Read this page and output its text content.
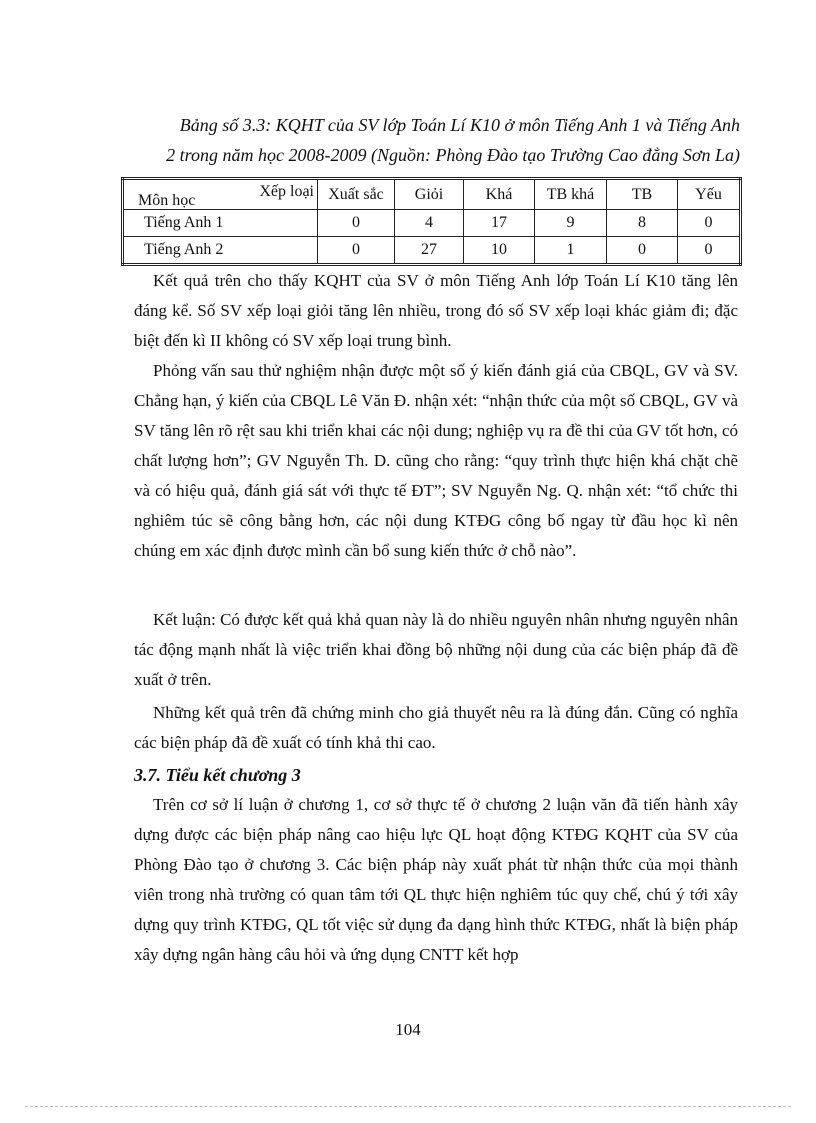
Bảng số 3.3: KQHT của SV lớp Toán Lí K10 ở môn Tiếng Anh 1 và Tiếng Anh
2 trong năm học 2008-2009 (Nguồn: Phòng Đào tạo Trường Cao đẳng Sơn La)
Xếp loại
Môn học	Xuất sắc	Giỏi	Khá	TB khá	TB	Yếu
Tiếng Anh 1	0	4	17	9	8	0
Tiếng Anh 2	0	27	10	1	0	0

Kết quả trên cho thấy KQHT của SV ở môn Tiếng Anh lớp Toán Lí K10 tăng lên đáng kể. Số SV xếp loại giỏi tăng lên nhiều, trong đó số SV xếp loại khác giảm đi; đặc biệt đến kì II không có SV xếp loại trung bình.

Phỏng vấn sau thử nghiệm nhận được một số ý kiến đánh giá của CBQL, GV và SV. Chẳng hạn, ý kiến của CBQL Lê Văn Đ. nhận xét: “nhận thức của một số CBQL, GV và SV tăng lên rõ rệt sau khi triển khai các nội dung; nghiệp vụ ra đề thi của GV tốt hơn, có chất lượng hơn”; GV Nguyễn Th. D. cũng cho rằng: “quy trình thực hiện khá chặt chẽ và có hiệu quả, đánh giá sát với thực tế ĐT”; SV Nguyễn Ng. Q. nhận xét: “tổ chức thi nghiêm túc sẽ công bằng hơn, các nội dung KTĐG công bố ngay từ đầu học kì nên chúng em xác định được mình cần bổ sung kiến thức ở chỗ nào”.

Kết luận: Có được kết quả khả quan này là do nhiều nguyên nhân nhưng nguyên nhân tác động mạnh nhất là việc triển khai đồng bộ những nội dung của các biện pháp đã đề xuất ở trên.

Những kết quả trên đã chứng minh cho giả thuyết nêu ra là đúng đắn. Cũng có nghĩa các biện pháp đã đề xuất có tính khả thi cao.

3.7. Tiểu kết chương 3

Trên cơ sở lí luận ở chương 1, cơ sở thực tế ở chương 2 luận văn đã tiến hành xây dựng được các biện pháp nâng cao hiệu lực QL hoạt động KTĐG KQHT của SV của Phòng Đào tạo ở chương 3. Các biện pháp này xuất phát từ nhận thức của mọi thành viên trong nhà trường có quan tâm tới QL thực hiện nghiêm túc quy chế, chú ý tới xây dựng quy trình KTĐG, QL tốt việc sử dụng đa dạng hình thức KTĐG, nhất là biện pháp xây dựng ngân hàng câu hỏi và ứng dụng CNTT kết hợp

104
